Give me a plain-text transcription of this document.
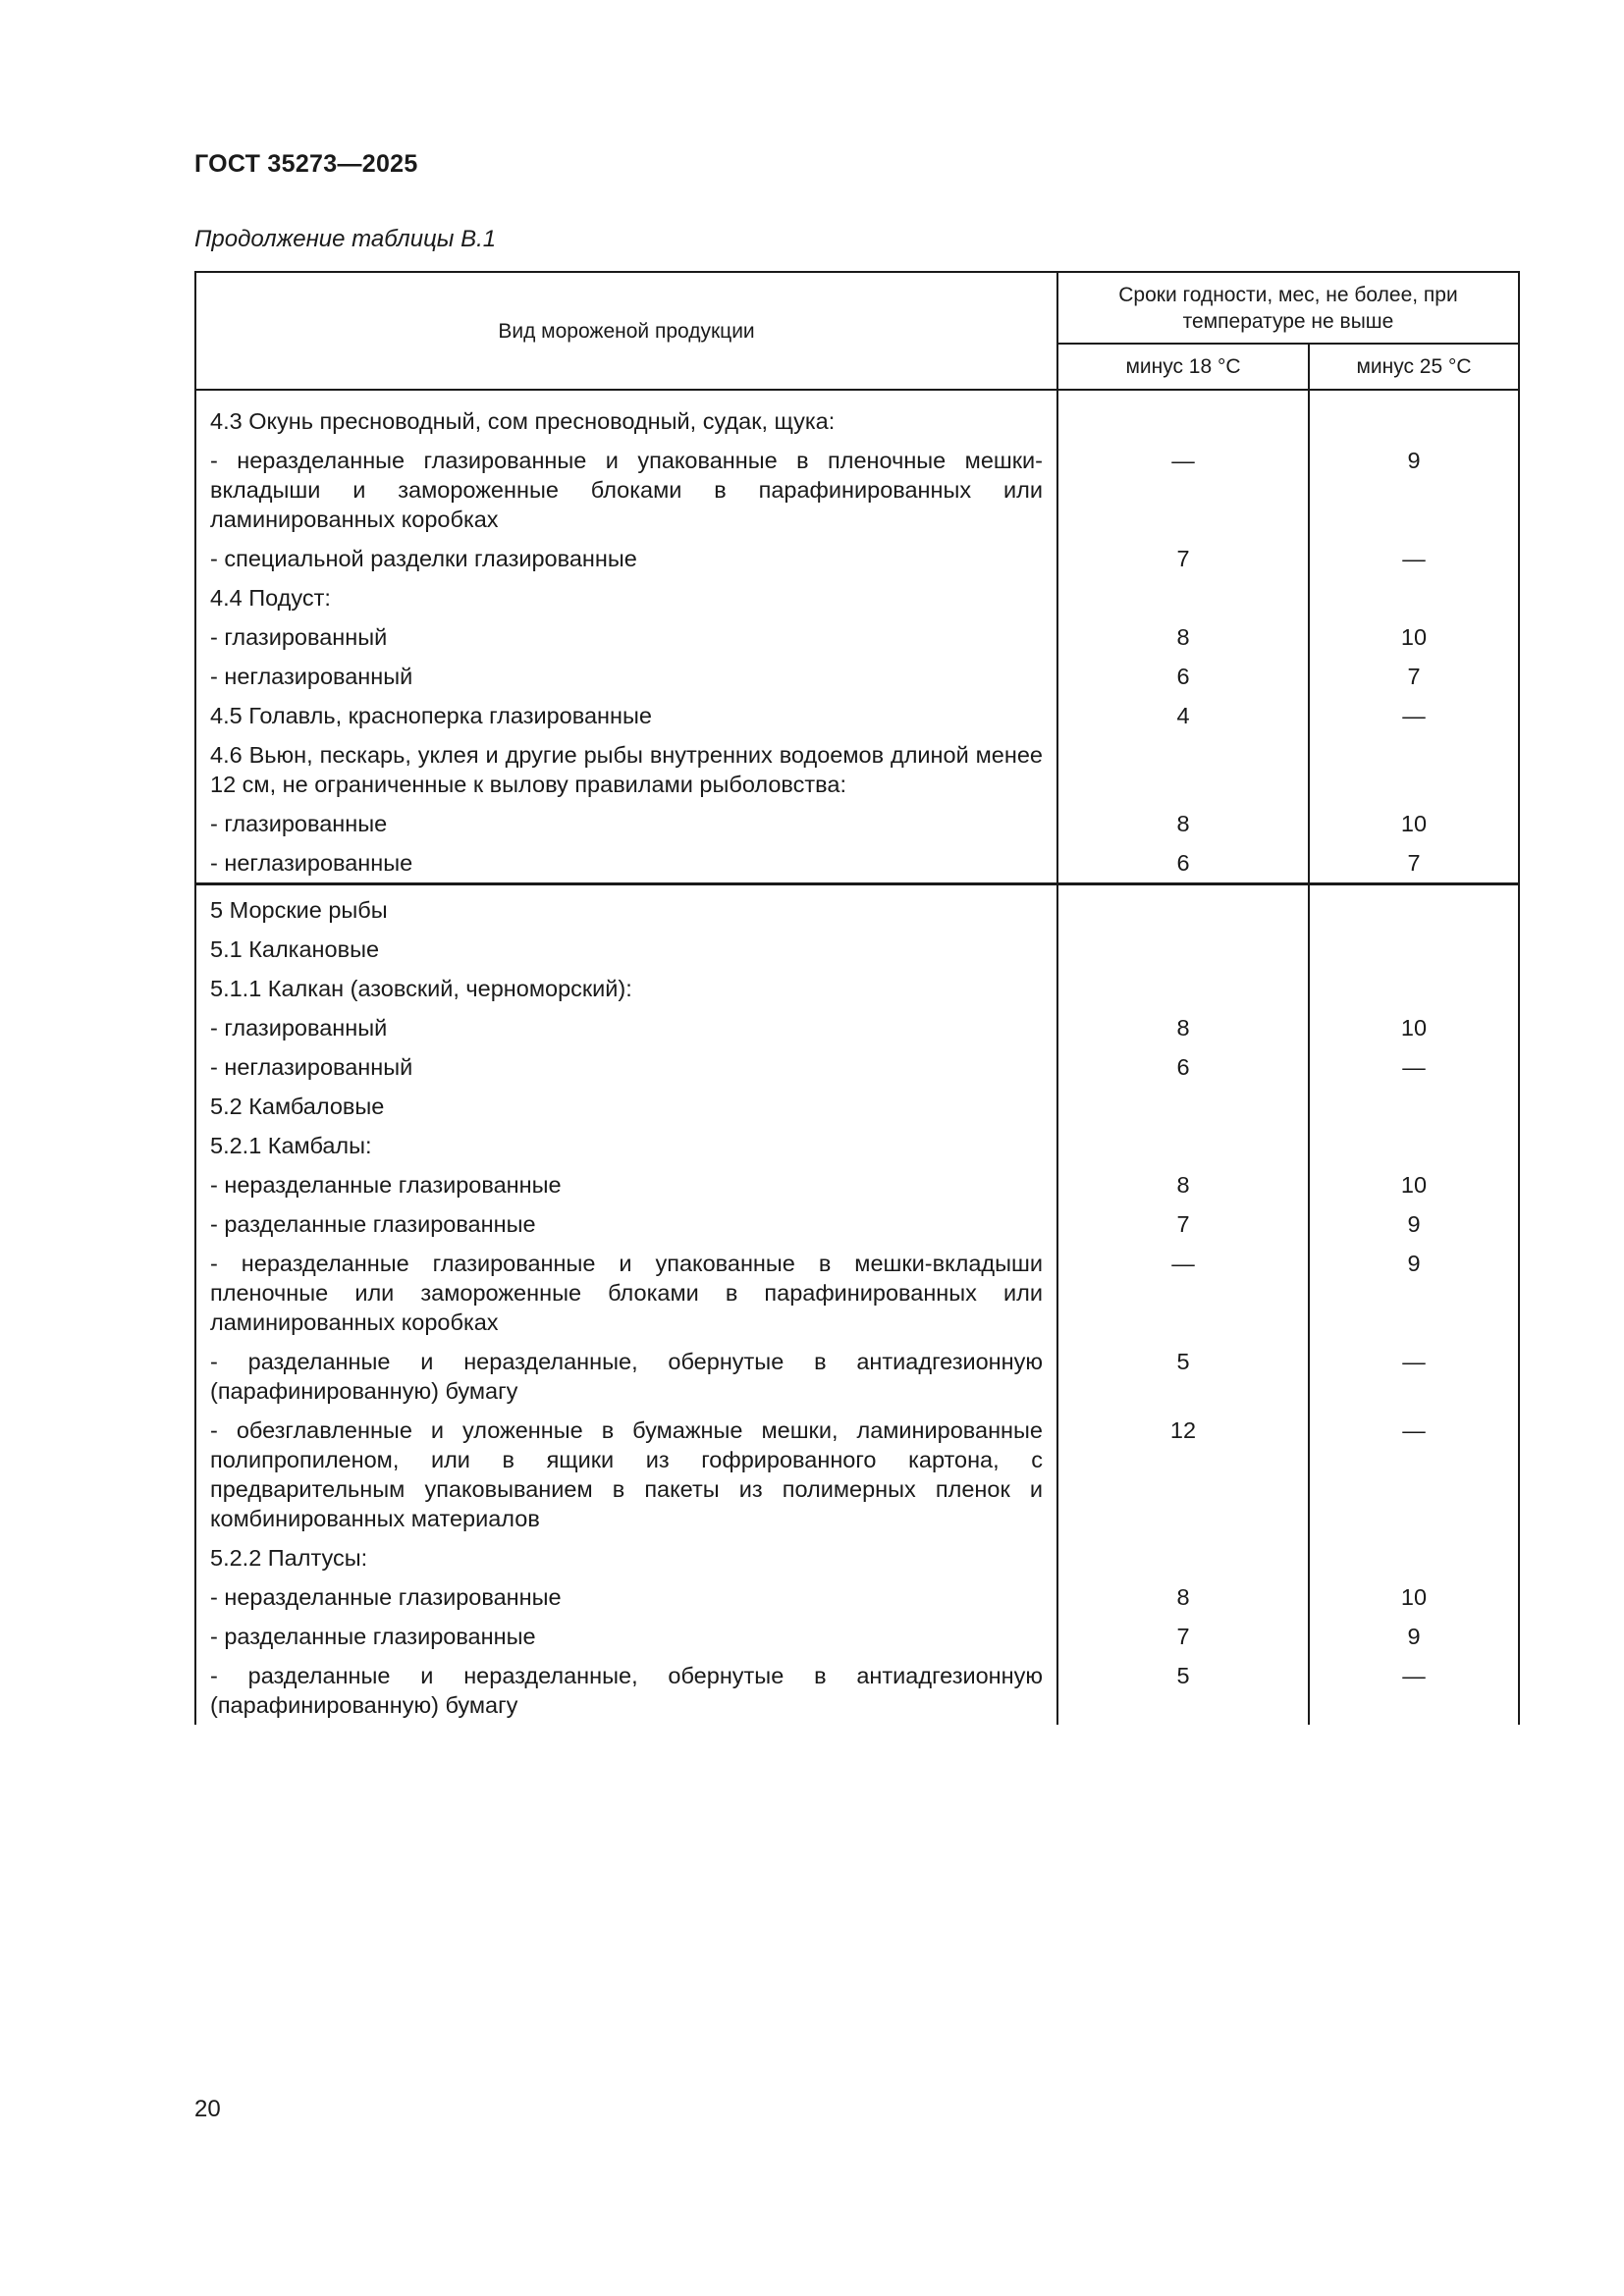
ГОСТ 35273—2025
Продолжение таблицы В.1
Вид мороженой продукции	Сроки годности, мес, не более, при температуре не выше	
	минус 18 °С	минус 25 °С
4.3 Окунь пресноводный, сом пресноводный, судак, щука:		
- неразделанные глазированные и упакованные в пленочные мешки-вкладыши и замороженные блоками в парафинированных или ламинированных коробках	—	9
- специальной разделки глазированные	7	—
4.4 Подуст:		
- глазированный	8	10
- неглазированный	6	7
4.5 Голавль, красноперка глазированные	4	—
4.6 Вьюн, пескарь, уклея и другие рыбы внутренних водоемов длиной менее 12 см, не ограниченные к вылову правилами рыболовства:		
- глазированные	8	10
- неглазированные	6	7
5 Морские рыбы		
5.1 Калкановые		
5.1.1 Калкан (азовский, черноморский):		
- глазированный	8	10
- неглазированный	6	—
5.2 Камбаловые		
5.2.1 Камбалы:		
- неразделанные глазированные	8	10
- разделанные глазированные	7	9
- неразделанные глазированные и упакованные в мешки-вкладыши пленочные или замороженные блоками в парафинированных или ламинированных коробках	—	9
- разделанные и неразделанные, обернутые в антиадгезионную (парафинированную) бумагу	5	—
- обезглавленные и уложенные в бумажные мешки, ламинированные полипропиленом, или в ящики из гофрированного картона, с предварительным упаковыванием в пакеты из полимерных пленок и комбинированных материалов	12	—
5.2.2 Палтусы:		
- неразделанные глазированные	8	10
- разделанные глазированные	7	9
- разделанные и неразделанные, обернутые в антиадгезионную (парафинированную) бумагу	5	—
20
